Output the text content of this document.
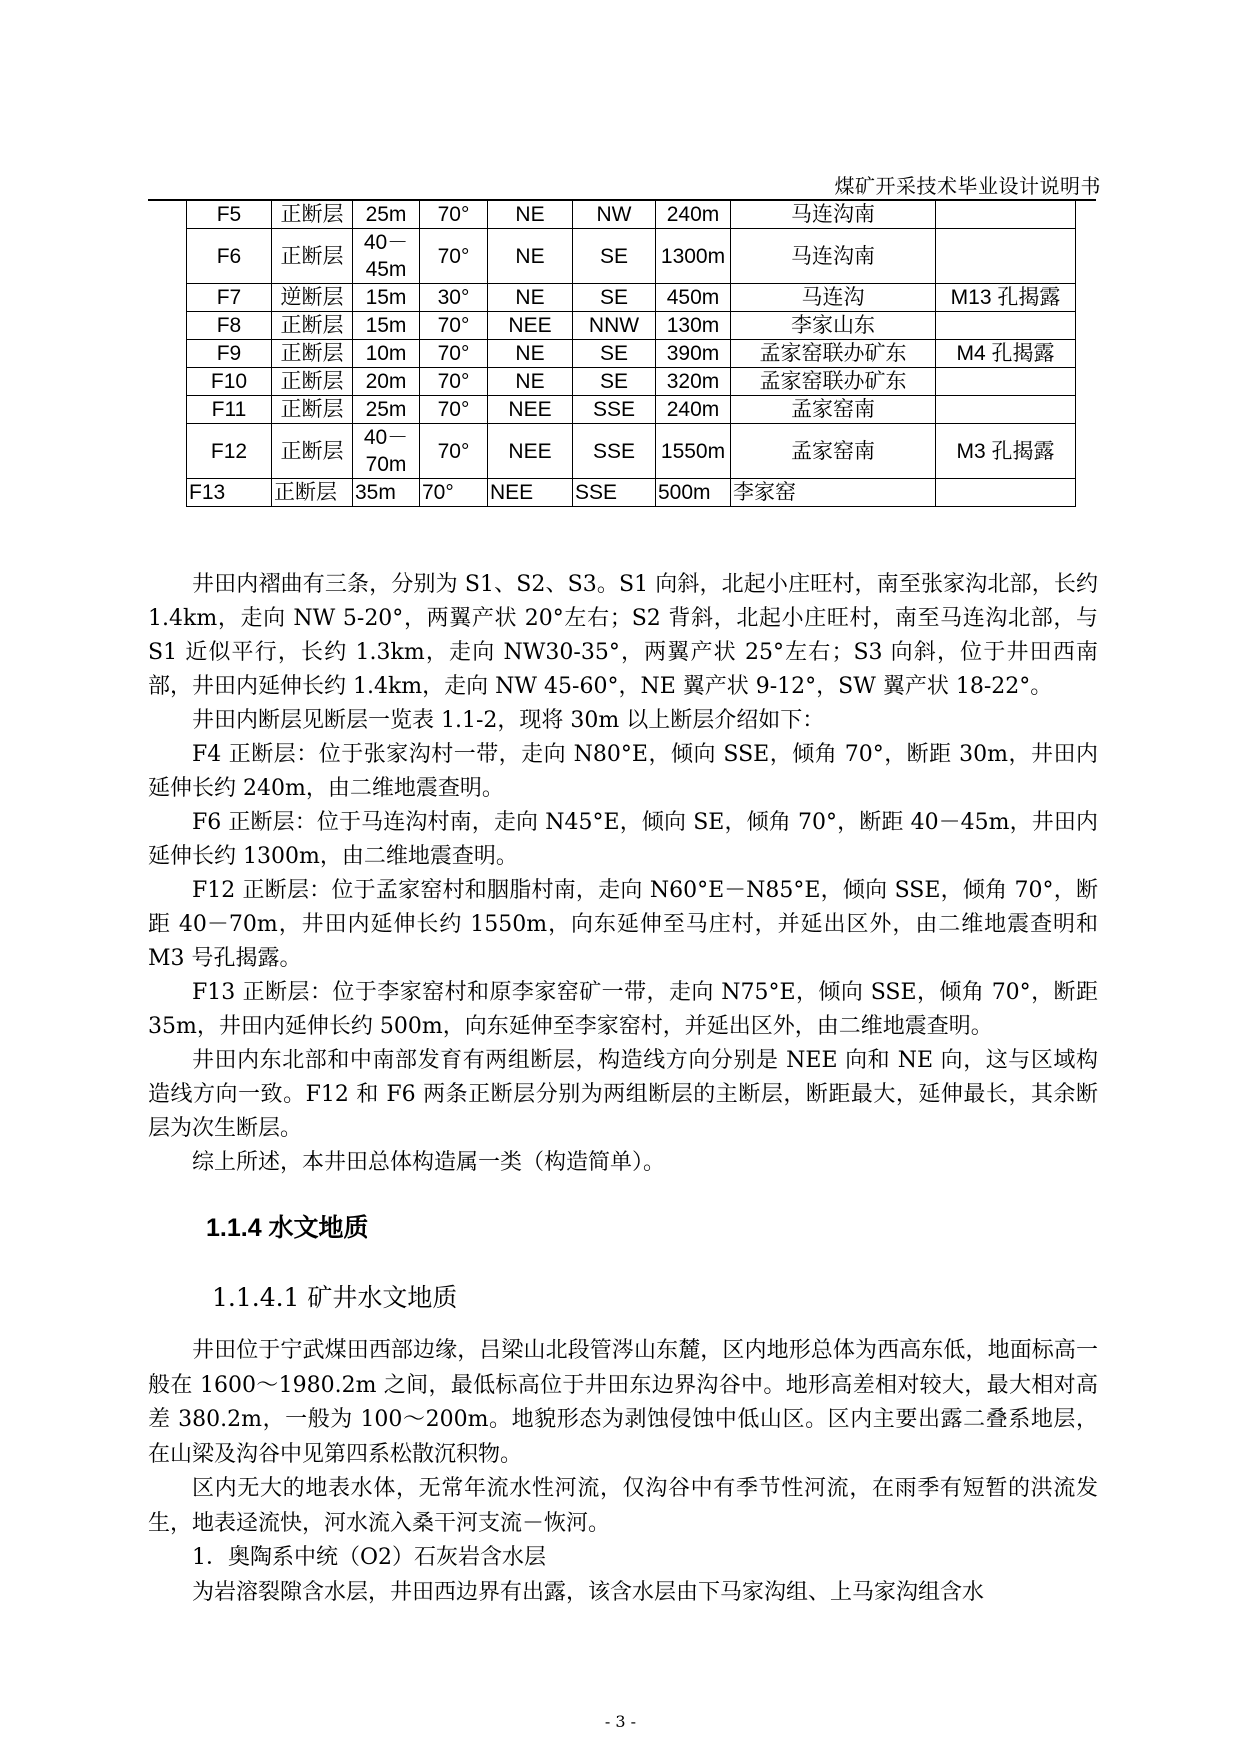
煤矿开采技术毕业设计说明书
F5	正断层	25m	70°	NE	NW	240m	马连沟南	
F6	正断层	40－45m	70°	NE	SE	1300m	马连沟南	
F7	逆断层	15m	30°	NE	SE	450m	马连沟	M13 孔揭露
F8	正断层	15m	70°	NEE	NNW	130m	李家山东	
F9	正断层	10m	70°	NE	SE	390m	孟家窑联办矿东	M4 孔揭露
F10	正断层	20m	70°	NE	SE	320m	孟家窑联办矿东	
F11	正断层	25m	70°	NEE	SSE	240m	孟家窑南	
F12	正断层	40－70m	70°	NEE	SSE	1550m	孟家窑南	M3 孔揭露
F13	正断层	35m	70°	NEE	SSE	500m	李家窑	

井田内褶曲有三条，分别为 S1、S2、S3。S1 向斜，北起小庄旺村，南至张家沟北部，长约 1.4km，走向 NW 5-20°，两翼产状 20°左右；S2 背斜，北起小庄旺村，南至马连沟北部，与 S1 近似平行，长约 1.3km，走向 NW30-35°，两翼产状 25°左右；S3 向斜，位于井田西南部，井田内延伸长约 1.4km，走向 NW 45-60°，NE 翼产状 9-12°，SW 翼产状 18-22°。

井田内断层见断层一览表 1.1-2，现将 30m 以上断层介绍如下：

F4 正断层：位于张家沟村一带，走向 N80°E，倾向 SSE，倾角 70°，断距 30m，井田内延伸长约 240m，由二维地震查明。

F6 正断层：位于马连沟村南，走向 N45°E，倾向 SE，倾角 70°，断距 40－45m，井田内延伸长约 1300m，由二维地震查明。

F12 正断层：位于孟家窑村和胭脂村南，走向 N60°E－N85°E，倾向 SSE，倾角 70°，断距 40－70m，井田内延伸长约 1550m，向东延伸至马庄村，并延出区外，由二维地震查明和 M3 号孔揭露。

F13 正断层：位于李家窑村和原李家窑矿一带，走向 N75°E，倾向 SSE，倾角 70°，断距 35m，井田内延伸长约 500m，向东延伸至李家窑村，并延出区外，由二维地震查明。

井田内东北部和中南部发育有两组断层，构造线方向分别是 NEE 向和 NE 向，这与区域构造线方向一致。F12 和 F6 两条正断层分别为两组断层的主断层，断距最大，延伸最长，其余断层为次生断层。

综上所述，本井田总体构造属一类（构造简单）。

1.1.4 水文地质
1.1.4.1 矿井水文地质

井田位于宁武煤田西部边缘，吕梁山北段管涔山东麓，区内地形总体为西高东低，地面标高一般在 1600～1980.2m 之间，最低标高位于井田东边界沟谷中。地形高差相对较大，最大相对高差 380.2m，一般为 100～200m。地貌形态为剥蚀侵蚀中低山区。区内主要出露二叠系地层，在山梁及沟谷中见第四系松散沉积物。

区内无大的地表水体，无常年流水性河流，仅沟谷中有季节性河流，在雨季有短暂的洪流发生，地表迳流快，河水流入桑干河支流－恢河。

1．奥陶系中统（O2）石灰岩含水层

为岩溶裂隙含水层，井田西边界有出露，该含水层由下马家沟组、上马家沟组含水

- 3 -
